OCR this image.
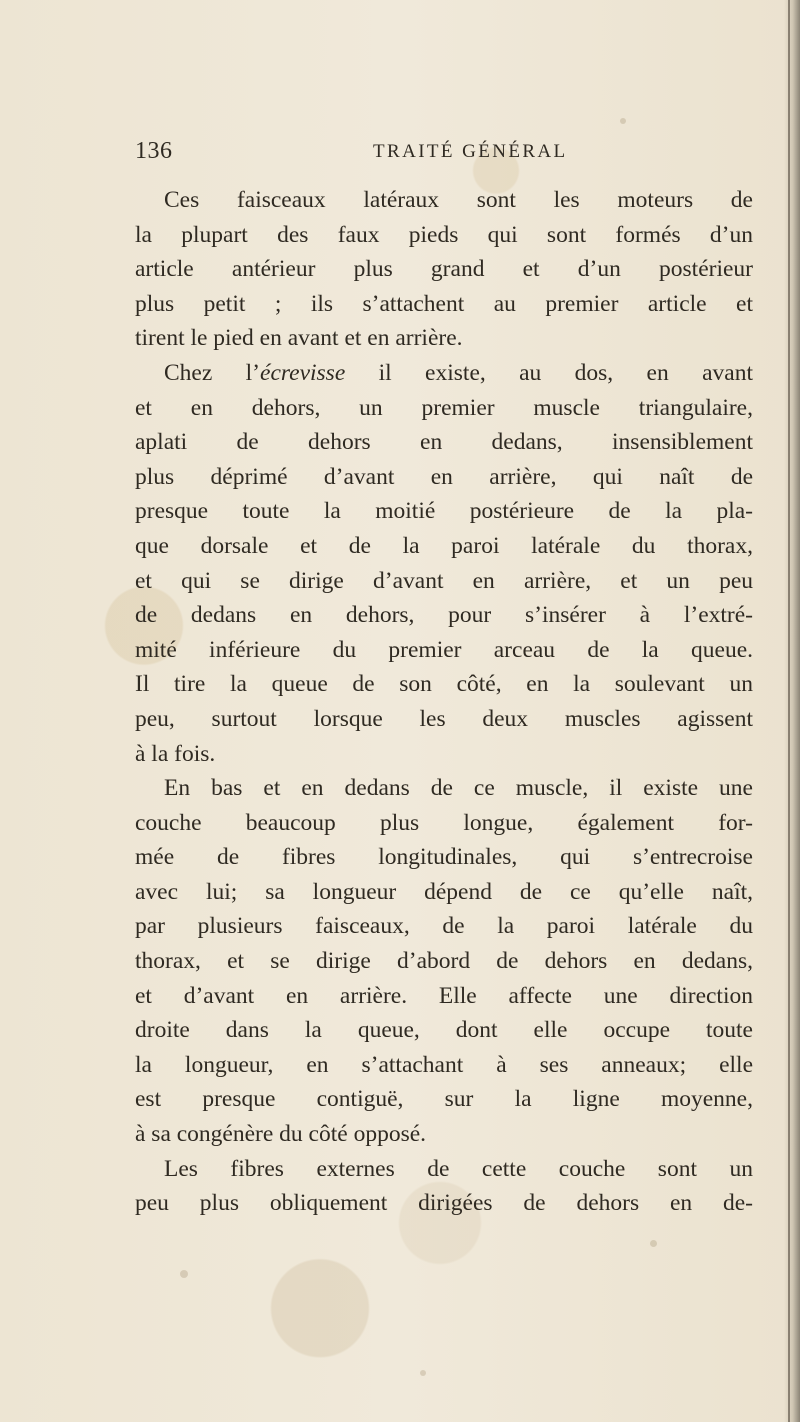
136	TRAITÉ GÉNÉRAL
Ces faisceaux latéraux sont les moteurs de
la plupart des faux pieds qui sont formés d’un
article antérieur plus grand et d’un postérieur
plus petit ; ils s’attachent au premier article et
tirent le pied en avant et en arrière.
Chez l’écrevisse il existe, au dos, en avant
et en dehors, un premier muscle triangulaire,
aplati de dehors en dedans, insensiblement
plus déprimé d’avant en arrière, qui naît de
presque toute la moitié postérieure de la pla-
que dorsale et de la paroi latérale du thorax,
et qui se dirige d’avant en arrière, et un peu
de dedans en dehors, pour s’insérer à l’extré-
mité inférieure du premier arceau de la queue.
Il tire la queue de son côté, en la soulevant un
peu, surtout lorsque les deux muscles agissent
à la fois.
En bas et en dedans de ce muscle, il existe une
couche beaucoup plus longue, également for-
mée de fibres longitudinales, qui s’entrecroise
avec lui; sa longueur dépend de ce qu’elle naît,
par plusieurs faisceaux, de la paroi latérale du
thorax, et se dirige d’abord de dehors en dedans,
et d’avant en arrière. Elle affecte une direction
droite dans la queue, dont elle occupe toute
la longueur, en s’attachant à ses anneaux; elle
est presque contiguë, sur la ligne moyenne,
à sa congénère du côté opposé.
Les fibres externes de cette couche sont un
peu plus obliquement dirigées de dehors en de-
